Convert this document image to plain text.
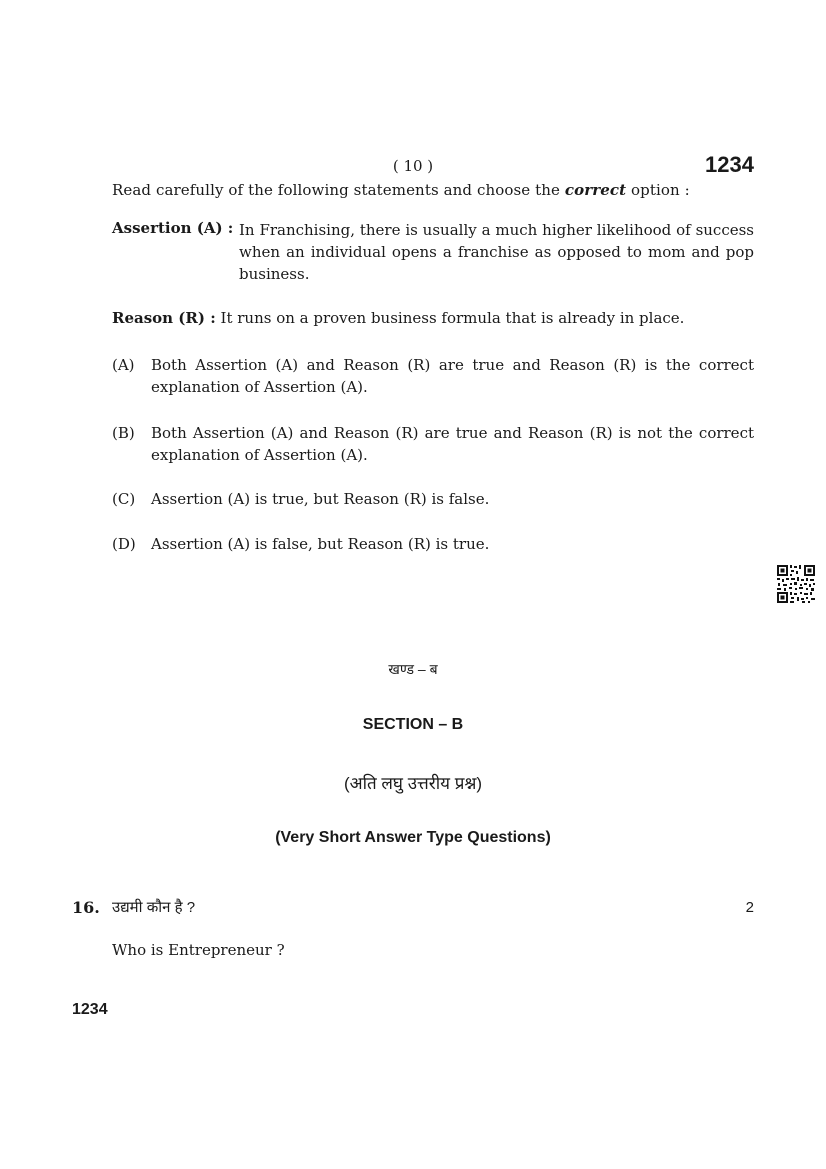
( 10 )	1234
Read carefully of the following statements and choose the correct option :
Assertion (A) : In Franchising, there is usually a much higher likelihood of success when an individual opens a franchise as opposed to mom and pop business.
Reason (R) : It runs on a proven business formula that is already in place.
(A) Both Assertion (A) and Reason (R) are true and Reason (R) is the correct explanation of Assertion (A).
(B) Both Assertion (A) and Reason (R) are true and Reason (R) is not the correct explanation of Assertion (A).
(C) Assertion (A) is true, but Reason (R) is false.
(D) Assertion (A) is false, but Reason (R) is true.
खण्ड – ब
SECTION – B
(अति लघु उत्तरीय प्रश्न)
(Very Short Answer Type Questions)
16. उद्यमी कौन है ?	2
Who is Entrepreneur ?
1234
